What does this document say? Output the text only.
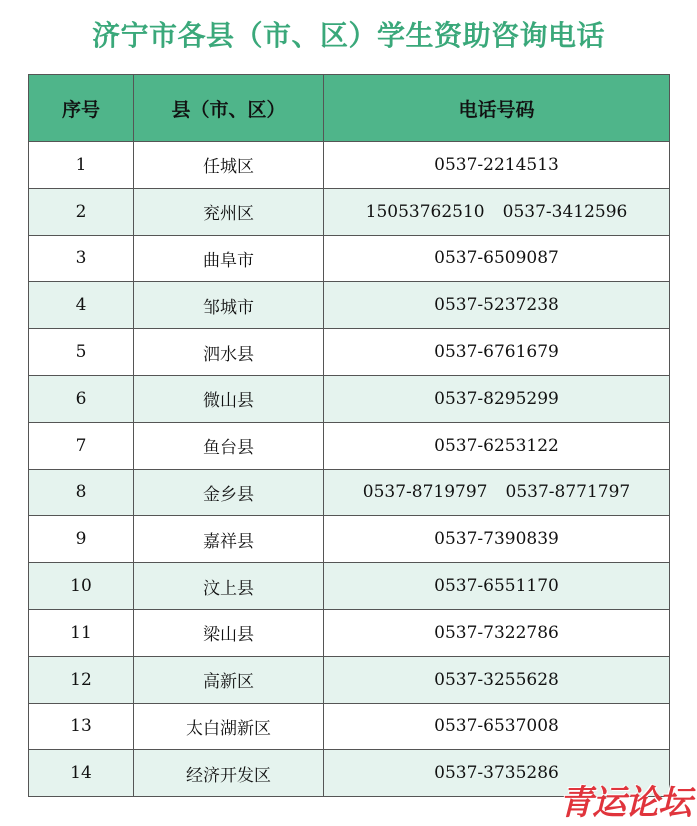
济宁市各县（市、区）学生资助咨询电话
序号	县（市、区）	电话号码
1	任城区	0537-2214513
2	兖州区	15053762510 0537-3412596
3	曲阜市	0537-6509087
4	邹城市	0537-5237238
5	泗水县	0537-6761679
6	微山县	0537-8295299
7	鱼台县	0537-6253122
8	金乡县	0537-8719797 0537-8771797
9	嘉祥县	0537-7390839
10	汶上县	0537-6551170
11	梁山县	0537-7322786
12	高新区	0537-3255628
13	太白湖新区	0537-6537008
14	经济开发区	0537-3735286
青运论坛
